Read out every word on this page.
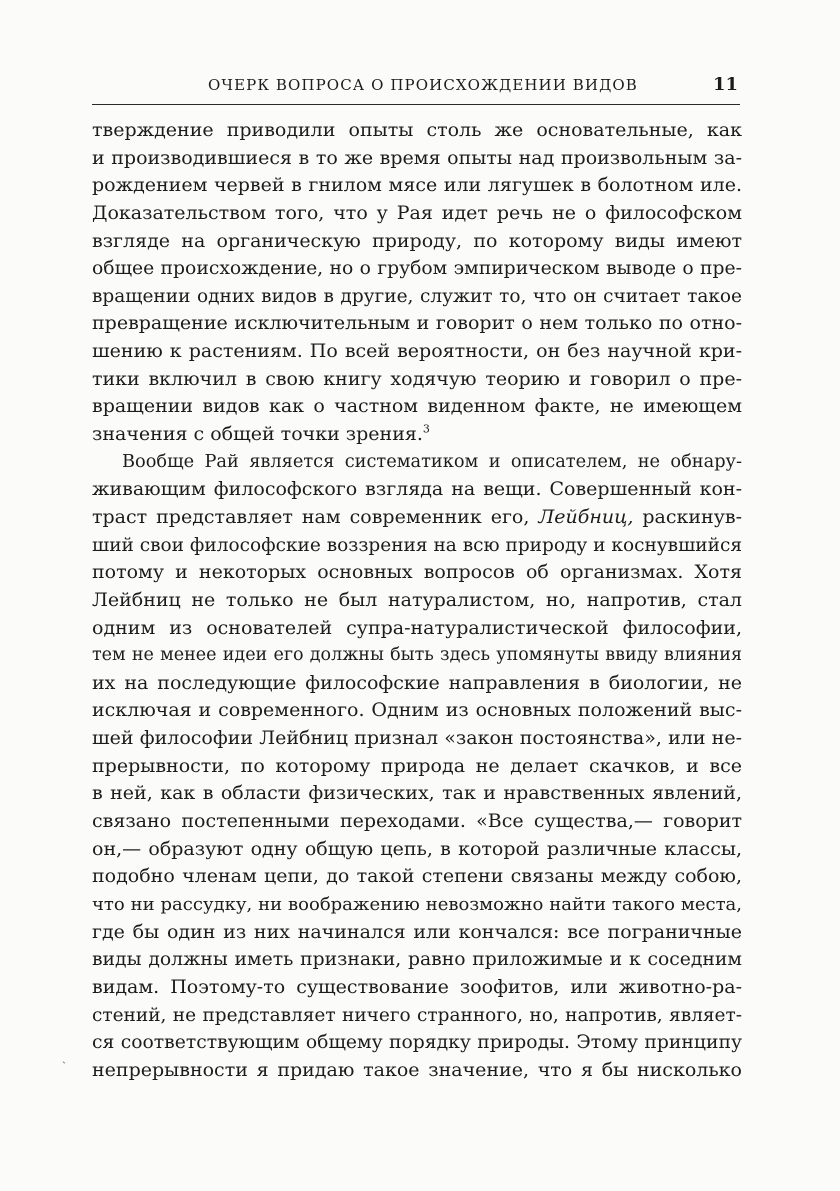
ОЧЕРК ВОПРОСА О ПРОИСХОЖДЕНИИ ВИДОВ	11
тверждение приводили опыты столь же основательные, как
и производившиеся в то же время опыты над произвольным за-
рождением червей в гнилом мясе или лягушек в болотном иле.
Доказательством того, что у Рая идет речь не о философском
взгляде на органическую природу, по которому виды имеют
общее происхождение, но о грубом эмпирическом выводе о пре-
вращении одних видов в другие, служит то, что он считает такое
превращение исключительным и говорит о нем только по отно-
шению к растениям. По всей вероятности, он без научной кри-
тики включил в свою книгу ходячую теорию и говорил о пре-
вращении видов как о частном виденном факте, не имеющем
значения с общей точки зрения.$^3$
Вообще Рай является систематиком и описателем, не обнару-
живающим философского взгляда на вещи. Совершенный кон-
траст представляет нам современник его, Лейбниц, раскинув-
ший свои философские воззрения на всю природу и коснувшийся
потому и некоторых основных вопросов об организмах. Хотя
Лейбниц не только не был натуралистом, но, напротив, стал
одним из основателей супра-натуралистической философии,
тем не менее идеи его должны быть здесь упомянуты ввиду влияния
их на последующие философские направления в биологии, не
исключая и современного. Одним из основных положений выс-
шей философии Лейбниц признал «закон постоянства», или не-
прерывности, по которому природа не делает скачков, и все
в ней, как в области физических, так и нравственных явлений,
связано постепенными переходами. «Все существа,— говорит
он,— образуют одну общую цепь, в которой различные классы,
подобно членам цепи, до такой степени связаны между собою,
что ни рассудку, ни воображению невозможно найти такого места,
где бы один из них начинался или кончался: все пограничные
виды должны иметь признаки, равно приложимые и к соседним
видам. Поэтому-то существование зоофитов, или животно-ра-
стений, не представляет ничего странного, но, напротив, являет-
ся соответствующим общему порядку природы. Этому принципу
непрерывности я придаю такое значение, что я бы нисколько
ˏ
